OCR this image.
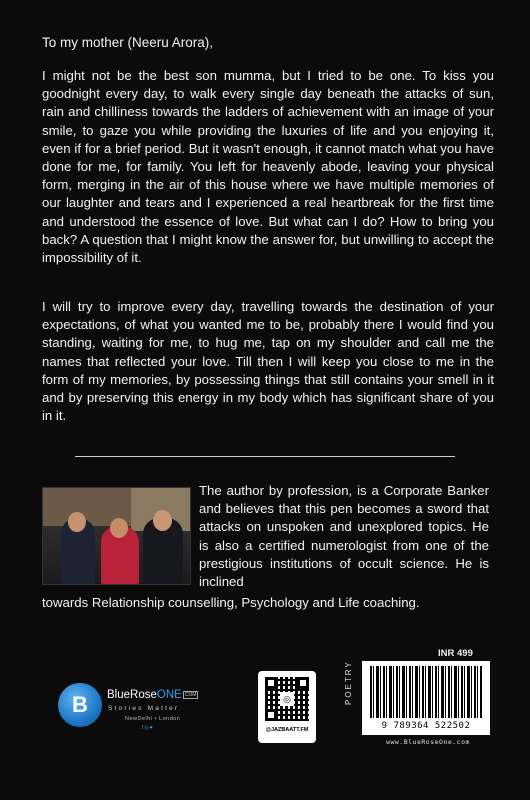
To my mother (Neeru Arora),

I might not be the best son mumma, but I tried to be one. To kiss you goodnight every day, to walk every single day beneath the attacks of sun, rain and chilliness towards the ladders of achievement with an image of your smile, to gaze you while providing the luxuries of life and you enjoying it, even if for a brief period. But it wasn't enough, it cannot match what you have done for me, for family. You left for heavenly abode, leaving your physical form, merging in the air of this house where we have multiple memories of our laughter and tears and I experienced a real heartbreak for the first time and understood the essence of love. But what can I do? How to bring you back? A question that I might know the answer for, but unwilling to accept the impossibility of it.

I will try to improve every day, travelling towards the destination of your expectations, of what you wanted me to be, probably there I would find you standing, waiting for me, to hug me, tap on my shoulder and call me the names that reflected your love. Till then I will keep you close to me in the form of my memories, by possessing things that still contains your smell in it and by preserving this energy in my body which has significant share of you in it.

The author by profession, is a Corporate Banker and believes that this pen becomes a sword that attacks on unspoken and unexplored topics. He is also a certified numerologist from one of the prestigious institutions of occult science. He is inclined

towards Relationship counselling, Psychology and Life coaching.

B	BlueRoseONE COM
Stories Matter
NewDelhi • London
f◎♥
◎
@JAZBAATT.FM
POETRY
INR 499
9 789364 522502
www.BlueRoseOne.com
